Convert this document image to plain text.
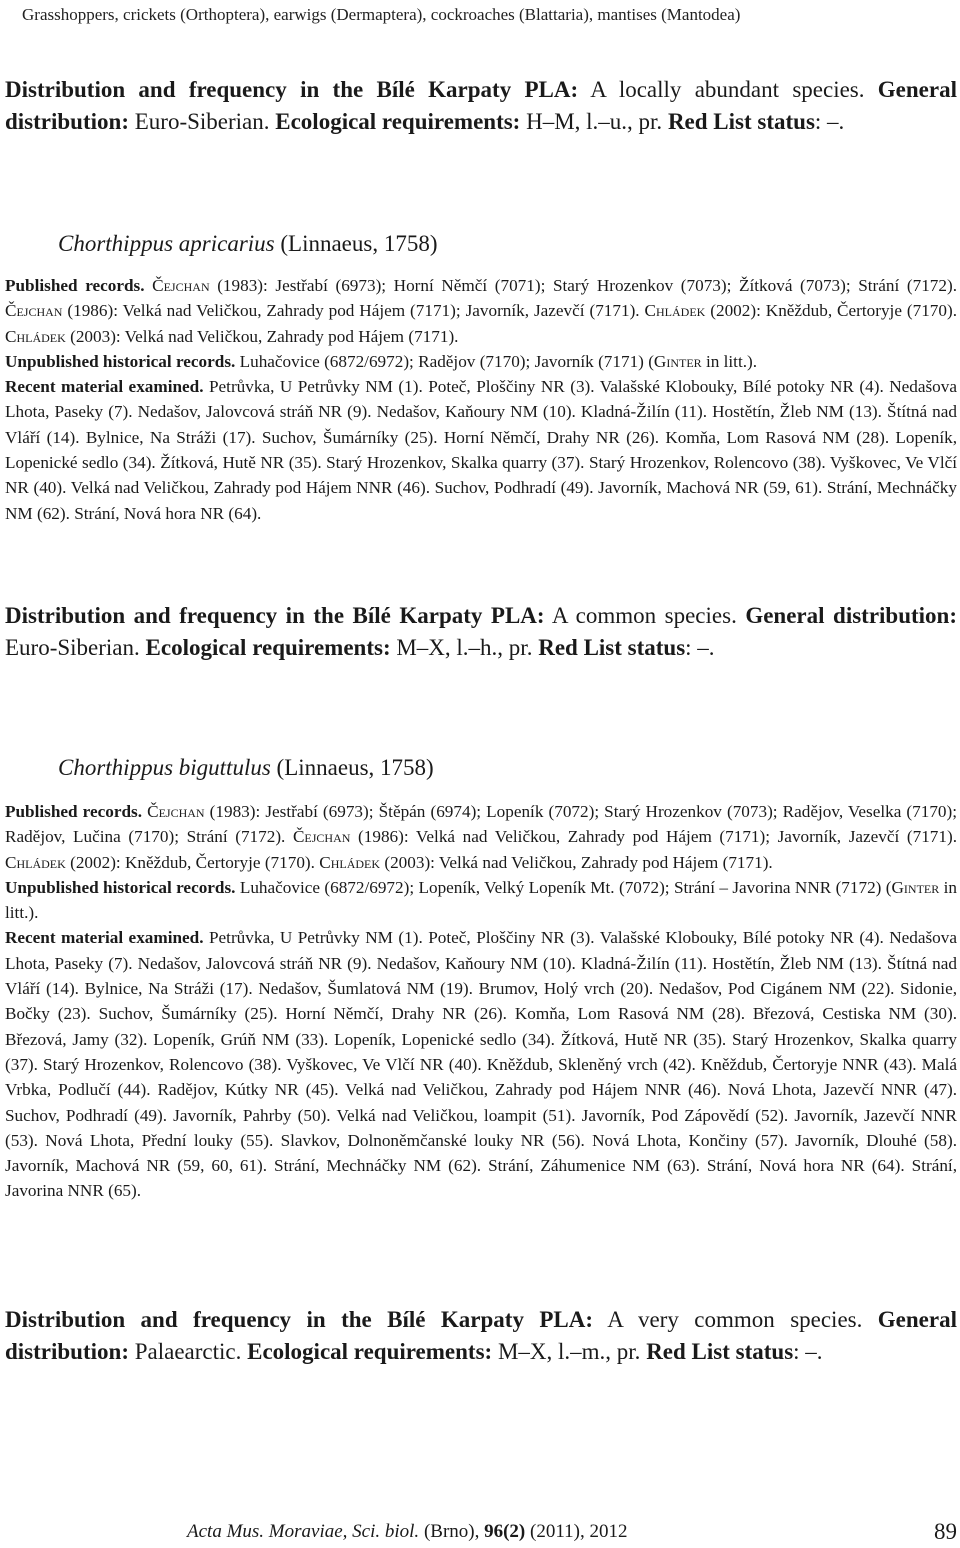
Grasshoppers, crickets (Orthoptera), earwigs (Dermaptera), cockroaches (Blattaria), mantises (Mantodea)

Distribution and frequency in the Bílé Karpaty PLA: A locally abundant species. General distribution: Euro-Siberian. Ecological requirements: H–M, l.–u., pr. Red List status: –.

Chorthippus apricarius (Linnaeus, 1758)

Published records. Čejchan (1983): Jestřabí (6973); Horní Němčí (7071); Starý Hrozenkov (7073); Žítková (7073); Strání (7172). Čejchan (1986): Velká nad Veličkou, Zahrady pod Hájem (7171); Javorník, Jazevčí (7171). Chládek (2002): Kněždub, Čertoryje (7170). Chládek (2003): Velká nad Veličkou, Zahrady pod Hájem (7171).

Unpublished historical records. Luhačovice (6872/6972); Radějov (7170); Javorník (7171) (Ginter in litt.).

Recent material examined. Petrůvka, U Petrůvky NM (1). Poteč, Ploščiny NR (3). Valašské Klobouky, Bílé potoky NR (4). Nedašova Lhota, Paseky (7). Nedašov, Jalovcová stráň NR (9). Nedašov, Kaňoury NM (10). Kladná-Žilín (11). Hostětín, Žleb NM (13). Štítná nad Vláří (14). Bylnice, Na Stráži (17). Suchov, Šumárníky (25). Horní Němčí, Drahy NR (26). Komňa, Lom Rasová NM (28). Lopeník, Lopenické sedlo (34). Žítková, Hutě NR (35). Starý Hrozenkov, Skalka quarry (37). Starý Hrozenkov, Rolencovo (38). Vyškovec, Ve Vlčí NR (40). Velká nad Veličkou, Zahrady pod Hájem NNR (46). Suchov, Podhradí (49). Javorník, Machová NR (59, 61). Strání, Mechnáčky NM (62). Strání, Nová hora NR (64).

Distribution and frequency in the Bílé Karpaty PLA: A common species. General distribution: Euro-Siberian. Ecological requirements: M–X, l.–h., pr. Red List status: –.

Chorthippus biguttulus (Linnaeus, 1758)

Published records. Čejchan (1983): Jestřabí (6973); Štěpán (6974); Lopeník (7072); Starý Hrozenkov (7073); Radějov, Veselka (7170); Radějov, Lučina (7170); Strání (7172). Čejchan (1986): Velká nad Veličkou, Zahrady pod Hájem (7171); Javorník, Jazevčí (7171). Chládek (2002): Kněždub, Čertoryje (7170). Chládek (2003): Velká nad Veličkou, Zahrady pod Hájem (7171).

Unpublished historical records. Luhačovice (6872/6972); Lopeník, Velký Lopeník Mt. (7072); Strání – Javorina NNR (7172) (Ginter in litt.).

Recent material examined. Petrůvka, U Petrůvky NM (1). Poteč, Ploščiny NR (3). Valašské Klobouky, Bílé potoky NR (4). Nedašova Lhota, Paseky (7). Nedašov, Jalovcová stráň NR (9). Nedašov, Kaňoury NM (10). Kladná-Žilín (11). Hostětín, Žleb NM (13). Štítná nad Vláří (14). Bylnice, Na Stráži (17). Nedašov, Šumlatová NM (19). Brumov, Holý vrch (20). Nedašov, Pod Cigánem NM (22). Sidonie, Bočky (23). Suchov, Šumárníky (25). Horní Němčí, Drahy NR (26). Komňa, Lom Rasová NM (28). Březová, Cestiska NM (30). Březová, Jamy (32). Lopeník, Grúň NM (33). Lopeník, Lopenické sedlo (34). Žítková, Hutě NR (35). Starý Hrozenkov, Skalka quarry (37). Starý Hrozenkov, Rolencovo (38). Vyškovec, Ve Vlčí NR (40). Kněždub, Skleněný vrch (42). Kněždub, Čertoryje NNR (43). Malá Vrbka, Podlučí (44). Radějov, Kútky NR (45). Velká nad Veličkou, Zahrady pod Hájem NNR (46). Nová Lhota, Jazevčí NNR (47). Suchov, Podhradí (49). Javorník, Pahrby (50). Velká nad Veličkou, loampit (51). Javorník, Pod Zápovědí (52). Javorník, Jazevčí NNR (53). Nová Lhota, Přední louky (55). Slavkov, Dolnoněmčanské louky NR (56). Nová Lhota, Končiny (57). Javorník, Dlouhé (58). Javorník, Machová NR (59, 60, 61). Strání, Mechnáčky NM (62). Strání, Záhumenice NM (63). Strání, Nová hora NR (64). Strání, Javorina NNR (65).

Distribution and frequency in the Bílé Karpaty PLA: A very common species. General distribution: Palaearctic. Ecological requirements: M–X, l.–m., pr. Red List status: –.

Acta Mus. Moraviae, Sci. biol. (Brno), 96(2) (2011), 2012	89
